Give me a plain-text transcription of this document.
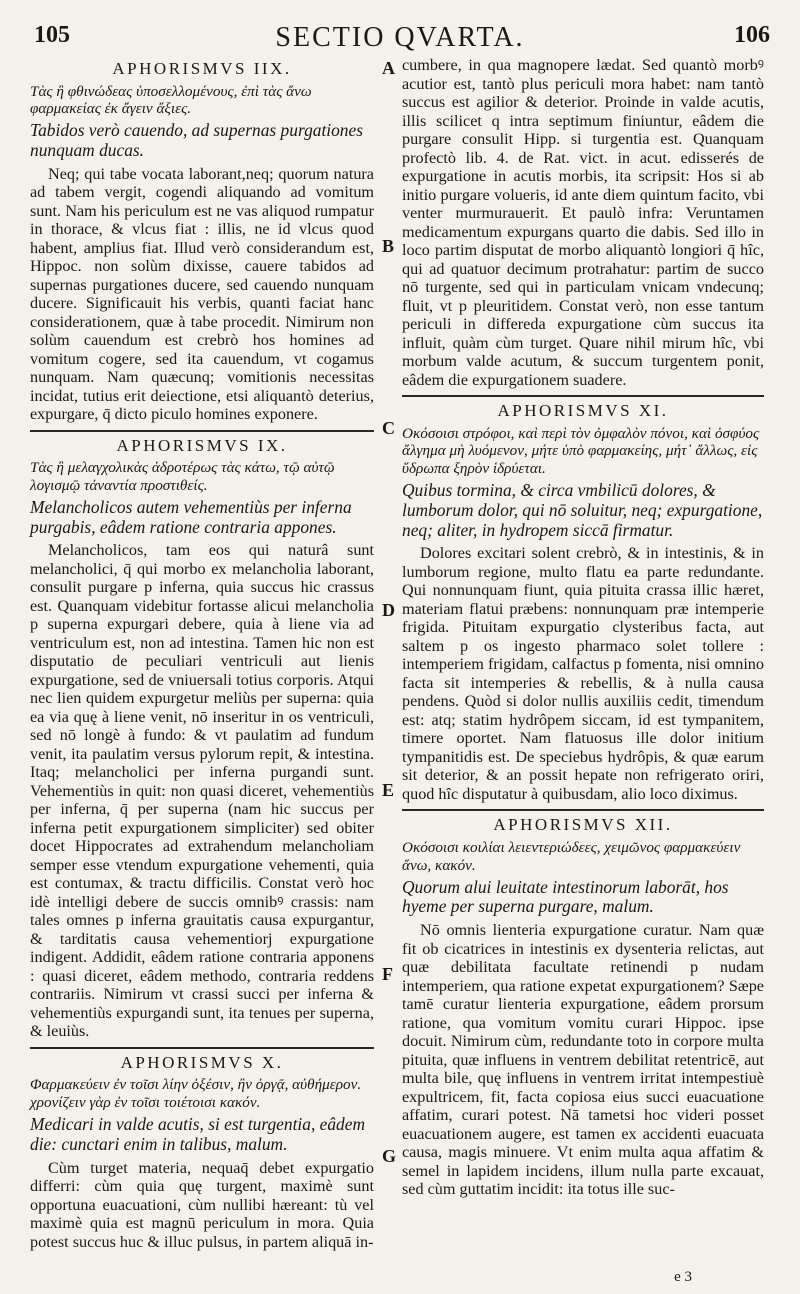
105	SECTIO QVARTA.	106
APHORISMVS IIX.

Τὰς ἢ φθινώδεας ὑποσελλομένους, ἐπὶ τὰς ἄνω φαρμακείας ἐκ ἄγειν ἄξιες.

Tabidos verò cauendo, ad supernas purgationes nunquam ducas.

Neq; qui tabe vocata laborant,neq; quorum natura ad tabem vergit, cogendi aliquando ad vomitum sunt. Nam his periculum est ne vas aliquod rumpatur in thorace, & vlcus fiat : illis, ne id vlcus quod habent, amplius fiat. Illud verò considerandum est, Hippoc. non solùm dixisse, cauere tabidos ad supernas purgationes ducere, sed cauendo nunquam ducere. Significauit his verbis, quanti faciat hanc considerationem, quæ à tabe procedit. Nimirum non solùm cauendum est crebrò hos homines ad vomitum cogere, sed ita cauendum, vt cogamus nunquam. Nam quæcunq; vomitionis necessitas incidat, tutius erit deiectione, etsi aliquantò deterius, expurgare, q̄ dicto piculo homines exponere.

APHORISMVS IX.

Τὰς ἢ μελαγχολικὰς ἁδροτέρως τὰς κάτω, τῷ αὐτῷ λογισμῷ τἀναντία προστιθείς.

Melancholicos autem vehementiùs per inferna purgabis, eâdem ratione contraria appones.

Melancholicos, tam eos qui naturâ sunt melancholici, q̄ qui morbo ex melancholia laborant, consulit purgare p inferna, quia succus hic crassus est. Quanquam videbitur fortasse alicui melancholia p superna expurgari debere, quia à liene via ad ventriculum est, non ad intestina. Tamen hic non est disputatio de peculiari ventriculi aut lienis expurgatione, sed de vniuersali totius corporis. Atqui nec lien quidem expurgetur meliùs per superna: quia ea via quę à liene venit, nō inseritur in os ventriculi, sed nō longè à fundo: & vt paulatim ad fundum venit, ita paulatim versus pylorum repit, & intestina. Itaq; melancholici per inferna purgandi sunt. Vehementiùs in quit: non quasi diceret, vehementiùs per inferna, q̄ per superna (nam hic succus per inferna petit expurgationem simpliciter) sed obiter docet Hippocrates ad extrahendum melancholiam semper esse vtendum expurgatione vehementi, quia est contumax, & tractu difficilis. Constat verò hoc idè intelligi debere de succis omnibꝰ crassis: nam tales omnes p inferna grauitatis causa expurgantur, & tarditatis causa vehementiorj expurgatione indigent. Addidit, eâdem ratione contraria apponens : quasi diceret, eâdem methodo, contraria reddens contrariis. Nimirum vt crassi succi per inferna & vehementiùs expurgandi sunt, ita tenues per superna, & leuiùs.

APHORISMVS X.

Φαρμακεύειν ἐν τοῖσι λίην ὀξέσιν, ἢν ὀργᾷ, αὐθήμερον. χρονίζειν γὰρ ἐν τοῖσι τοιέτοισι κακόν.

Medicari in valde acutis, si est turgentia, eâdem die: cunctari enim in talibus, malum.

Cùm turget materia, nequaq̄ debet expurgatio differri: cùm quia quę turgent, maximè sunt opportuna euacuationi, cùm nullibi hæreant: tù vel maximè quia est magnū periculum in mora. Quia potest succus huc & illuc pulsus, in partem aliquā in-

cumbere, in qua magnopere lædat. Sed quantò morbꝰ acutior est, tantò plus periculi mora habet: nam tantò succus est agilior & deterior. Proinde in valde acutis, illis scilicet q intra septimum finiuntur, eâdem die purgare consulit Hipp. si turgentia est. Quanquam profectò lib. 4. de Rat. vict. in acut. edisserés de expurgatione in acutis morbis, ita scripsit: Hos si ab initio purgare volueris, id ante diem quintum facito, vbi venter murmurauerit. Et paulò infra: Veruntamen medicamentum expurgans quarto die dabis. Sed illo in loco partim disputat de morbo aliquantò longiori q̄ hîc, qui ad quatuor decimum protrahatur: partim de succo nō turgente, sed qui in particulam vnicam vndecunq; fluit, vt p pleuritidem. Constat verò, non esse tantum periculi in differeda expurgatione cùm succus ita influit, quàm cùm turget. Quare nihil mirum hîc, vbi morbum valde acutum, & succum turgentem ponit, eâdem die expurgationem suadere.

APHORISMVS XI.

Οκόσοισι στρόφοι, καὶ περὶ τὸν ὀμφαλὸν πόνοι, καὶ ὀσφύος ἄλγημα μὴ λυόμενον, μήτε ὑπὸ φαρμακείης, μήτ᾽ ἄλλως, εἰς ὕδρωπα ξηρὸν ἱδρύεται.

Quibus tormina, & circa vmbilicū dolores, & lumborum dolor, qui nō soluitur, neq; expurgatione, neq; aliter, in hydropem siccā firmatur.

Dolores excitari solent crebrò, & in intestinis, & in lumborum regione, multo flatu ea parte redundante. Qui nonnunquam fiunt, quia pituita crassa illic hæret, materiam flatui præbens: nonnunquam præ intemperie frigida. Pituitam expurgatio clysteribus facta, aut saltem p os ingesto pharmaco solet tollere : intemperiem frigidam, calfactus p fomenta, nisi omnino facta sit intemperies & rebellis, & à nulla causa pendens. Quòd si dolor nullis auxiliis cedit, timendum est: atq; statim hydrôpem siccam, id est tympanitem, timere oportet. Nam flatuosus ille dolor initium tympanitidis est. De speciebus hydrôpis, & quæ earum sit deterior, & an possit hepate non refrigerato oriri, quod hîc disputatur à quibusdam, alio loco diximus.

APHORISMVS XII.

Οκόσοισι κοιλίαι λειεντεριώδεες, χειμῶνος φαρμακεύειν ἄνω, κακόν.

Quorum alui leuitate intestinorum laborāt, hos hyeme per superna purgare, malum.

Nō omnis lienteria expurgatione curatur. Nam quæ fit ob cicatrices in intestinis ex dysenteria relictas, aut quæ debilitata facultate retinendi p nudam intemperiem, qua ratione expetat expurgationem? Sæpe tamē curatur lienteria expurgatione, eâdem prorsum ratione, qua vomitum vomitu curari Hippoc. ipse docuit. Nimirum cùm, redundante toto in corpore multa pituita, quæ influens in ventrem debilitat retentricē, aut multa bile, quę influens in ventrem irritat intempestiuè expultricem, fit, facta copiosa eius succi euacuatione affatim, curari potest. Nā tametsi hoc videri posset euacuationem augere, est tamen ex accidenti euacuata causa, magis minuere. Vt enim multa aqua affatim & semel in lapidem incidens, illum nulla parte excauat, sed cùm guttatim incidit: ita totus ille suc-

A
B
C
D
E
F
G
e 3
